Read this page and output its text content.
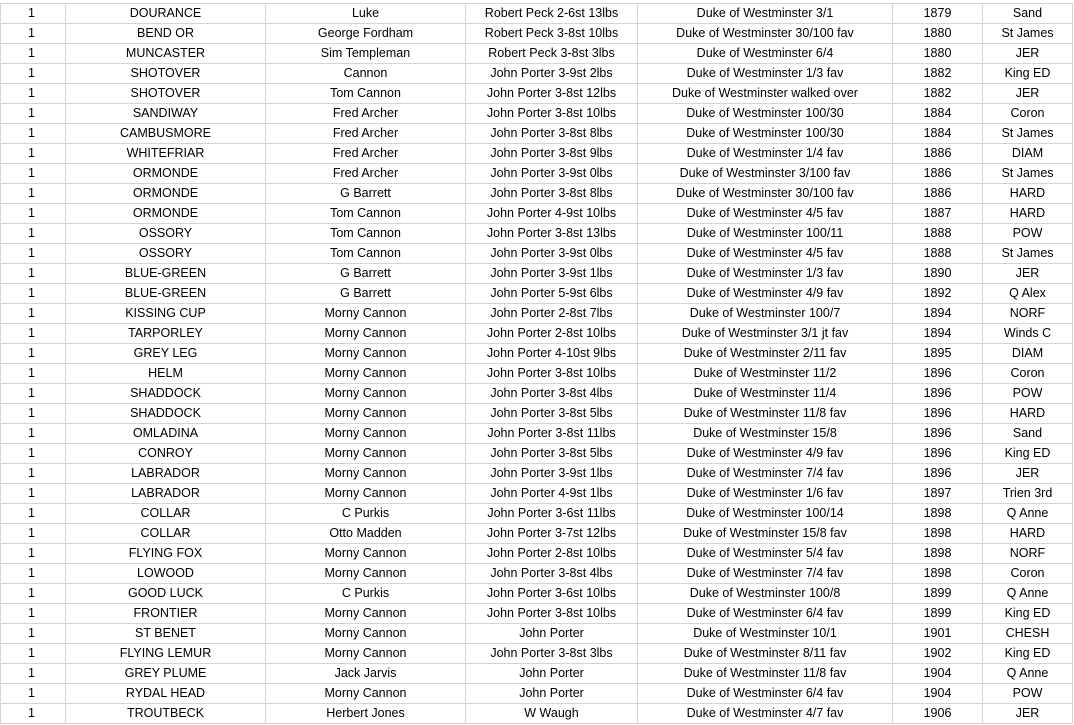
1	DOURANCE	Luke	Robert Peck 2-6st 13lbs	Duke of Westminster 3/1	1879	Sand
1	BEND OR	George Fordham	Robert Peck 3-8st 10lbs	Duke of Westminster 30/100 fav	1880	St James
1	MUNCASTER	Sim Templeman	Robert Peck 3-8st 3lbs	Duke of Westminster 6/4	1880	JER
1	SHOTOVER	Cannon	John Porter 3-9st 2lbs	Duke of Westminster 1/3 fav	1882	King ED
1	SHOTOVER	Tom Cannon	John Porter 3-8st 12lbs	Duke of Westminster walked over	1882	JER
1	SANDIWAY	Fred Archer	John Porter 3-8st 10lbs	Duke of Westminster 100/30	1884	Coron
1	CAMBUSMORE	Fred Archer	John Porter 3-8st 8lbs	Duke of Westminster 100/30	1884	St James
1	WHITEFRIAR	Fred Archer	John Porter 3-8st 9lbs	Duke of Westminster 1/4 fav	1886	DIAM
1	ORMONDE	Fred Archer	John Porter 3-9st 0lbs	Duke of Westminster 3/100 fav	1886	St James
1	ORMONDE	G Barrett	John Porter 3-8st 8lbs	Duke of Westminster 30/100 fav	1886	HARD
1	ORMONDE	Tom Cannon	John Porter 4-9st 10lbs	Duke of Westminster 4/5 fav	1887	HARD
1	OSSORY	Tom Cannon	John Porter 3-8st 13lbs	Duke of Westminster 100/11	1888	POW
1	OSSORY	Tom Cannon	John Porter 3-9st 0lbs	Duke of Westminster 4/5 fav	1888	St James
1	BLUE-GREEN	G Barrett	John Porter 3-9st 1lbs	Duke of Westminster 1/3 fav	1890	JER
1	BLUE-GREEN	G Barrett	John Porter 5-9st 6lbs	Duke of Westminster 4/9 fav	1892	Q Alex
1	KISSING CUP	Morny Cannon	John Porter 2-8st 7lbs	Duke of Westminster 100/7	1894	NORF
1	TARPORLEY	Morny Cannon	John Porter 2-8st 10lbs	Duke of Westminster 3/1 jt fav	1894	Winds C
1	GREY LEG	Morny Cannon	John Porter 4-10st 9lbs	Duke of Westminster 2/11 fav	1895	DIAM
1	HELM	Morny Cannon	John Porter 3-8st 10lbs	Duke of Westminster 11/2	1896	Coron
1	SHADDOCK	Morny Cannon	John Porter 3-8st 4lbs	Duke of Westminster 11/4	1896	POW
1	SHADDOCK	Morny Cannon	John Porter 3-8st 5lbs	Duke of Westminster 11/8 fav	1896	HARD
1	OMLADINA	Morny Cannon	John Porter 3-8st 11lbs	Duke of Westminster 15/8	1896	Sand
1	CONROY	Morny Cannon	John Porter 3-8st 5lbs	Duke of Westminster 4/9 fav	1896	King ED
1	LABRADOR	Morny Cannon	John Porter 3-9st 1lbs	Duke of Westminster 7/4 fav	1896	JER
1	LABRADOR	Morny Cannon	John Porter 4-9st 1lbs	Duke of Westminster 1/6 fav	1897	Trien 3rd
1	COLLAR	C Purkis	John Porter 3-6st 11lbs	Duke of Westminster 100/14	1898	Q Anne
1	COLLAR	Otto Madden	John Porter 3-7st 12lbs	Duke of Westminster 15/8 fav	1898	HARD
1	FLYING FOX	Morny Cannon	John Porter 2-8st 10lbs	Duke of Westminster 5/4 fav	1898	NORF
1	LOWOOD	Morny Cannon	John Porter 3-8st 4lbs	Duke of Westminster 7/4 fav	1898	Coron
1	GOOD LUCK	C Purkis	John Porter 3-6st 10lbs	Duke of Westminster 100/8	1899	Q Anne
1	FRONTIER	Morny Cannon	John Porter 3-8st 10lbs	Duke of Westminster 6/4 fav	1899	King ED
1	ST BENET	Morny Cannon	John Porter	Duke of Westminster 10/1	1901	CHESH
1	FLYING LEMUR	Morny Cannon	John Porter 3-8st 3lbs	Duke of Westminster 8/11 fav	1902	King ED
1	GREY PLUME	Jack Jarvis	John Porter	Duke of Westminster 11/8 fav	1904	Q Anne
1	RYDAL HEAD	Morny Cannon	John Porter	Duke of Westminster 6/4 fav	1904	POW
1	TROUTBECK	Herbert Jones	W Waugh	Duke of Westminster 4/7 fav	1906	JER
